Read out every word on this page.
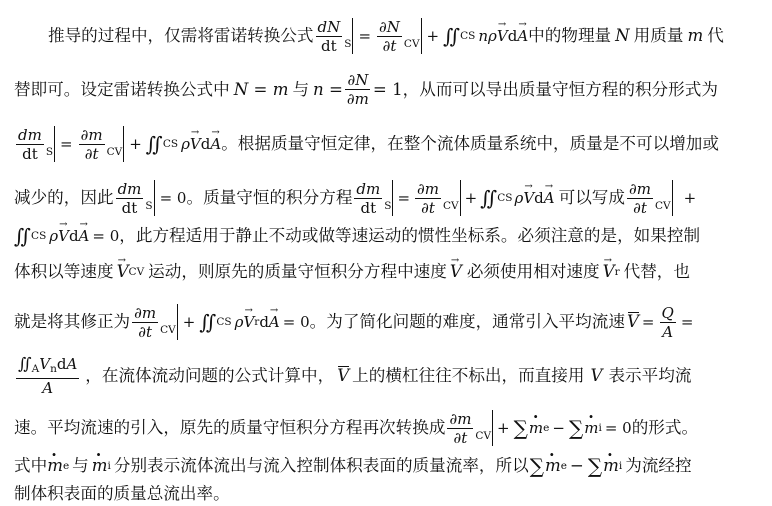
推导的过程中，仅需将雷诺转换公式 $\frac{dN}{dt}$ $S = \frac{\partial N}{\partial t}$ CV + ∬ CS n ρ → V d → A 中的物理量 N 用质量 m 代
替即可。设定雷诺转换公式中 N = m 与 $n = \frac{\partial N}{\partial m} = 1$ ，从而可以导出质量守恒方程的积分形式为
$\frac{dm}{dt}$ $S = \frac{\partial m}{\partial t}$ CV + ∬ CS ρ → V d → A 。根据质量守恒定律，在整个流体质量系统中，质量是不可以增加或
减少的，因此 $\frac{dm}{dt}$ S = 0 。质量守恒的积分方程 $\frac{dm}{dt}$ $S = \frac{\partial m}{\partial t}$ CV + ∬ CS ρ → V d → A 可以写成 $\frac{\partial m}{\partial t}$ CV +
∬ CS ρ → V d → A = 0 ，此方程适用于静止不动或做等速运动的惯性坐标系。必须注意的是，如果控制
体积以等速度 → V CV 运动，则原先的质量守恒积分方程中速度 → V 必须使用相对速度 → V r 代替，也
就是将其修正为 $\frac{\partial m}{\partial t}$ CV + ∬ CS ρ → V r d → A = 0 。为了简化问题的难度，通常引入平均流速 $V = \frac{Q}{A}$ =
$\frac{∬ _AV_ndA}{A}$ ，在流体流动问题的公式计算中， V 上的横杠往往不标出，而直接用 V 表示平均流
速。平均流速的引入，原先的质量守恒积分方程再次转换成 $\frac{\partial m}{\partial t}$ CV + ∑ · m e − ∑ · m i = 0 的形式。
式中 · m e 与 · m i 分别表示流体流出与流入控制体积表面的质量流率，所以 ∑ · m e − ∑ · m i 为流经控
制体积表面的质量总流出率。
